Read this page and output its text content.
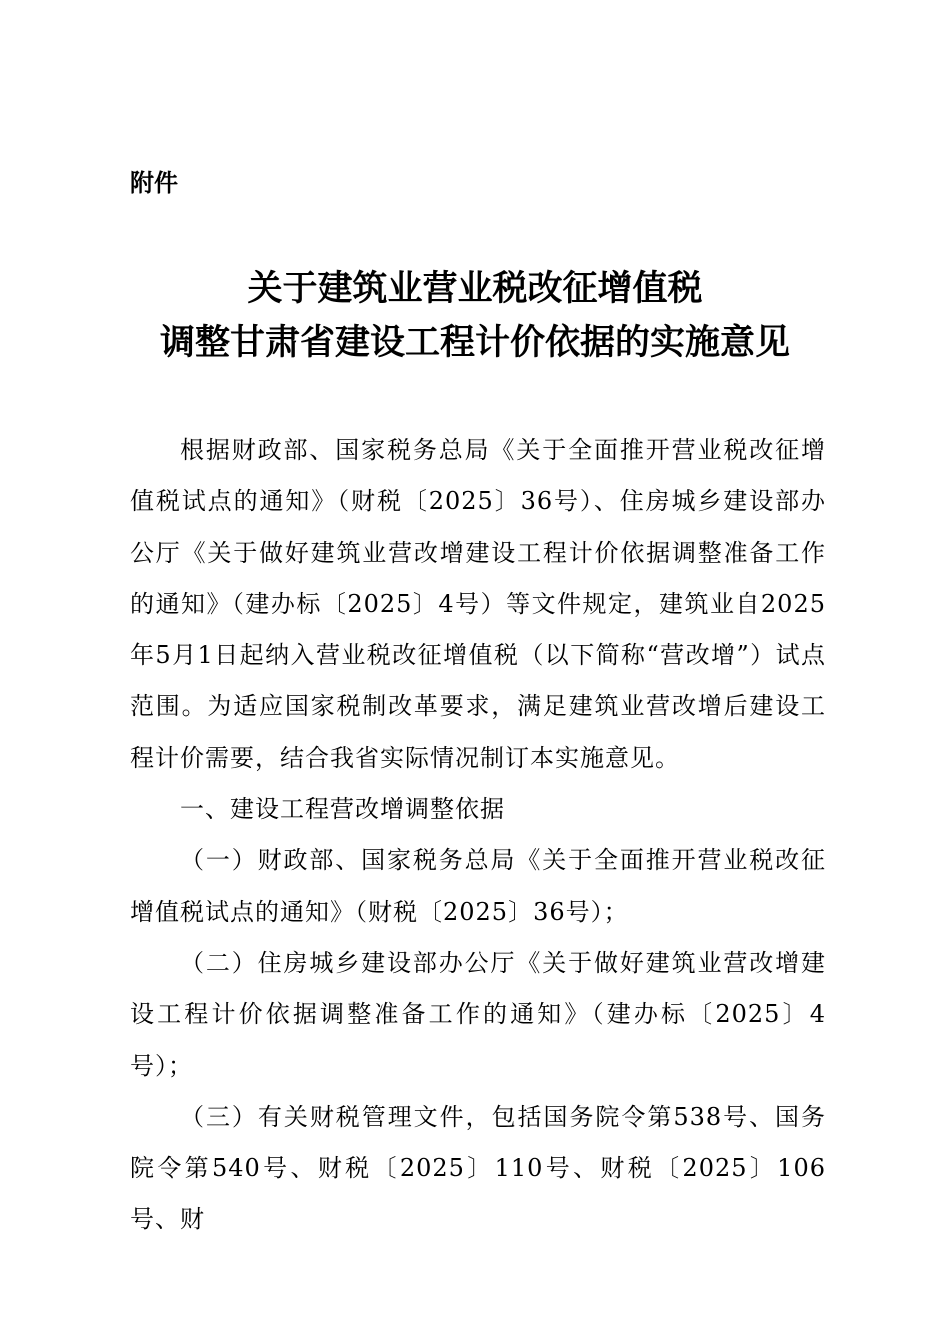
附件
关于建筑业营业税改征增值税
调整甘肃省建设工程计价依据的实施意见

根据财政部、国家税务总局《关于全面推开营业税改征增值税试点的通知》（财税〔2025〕36号）、住房城乡建设部办公厅《关于做好建筑业营改增建设工程计价依据调整准备工作的通知》（建办标〔2025〕4号）等文件规定，建筑业自2025年5月1日起纳入营业税改征增值税（以下简称“营改增”）试点范围。为适应国家税制改革要求，满足建筑业营改增后建设工程计价需要，结合我省实际情况制订本实施意见。

一、建设工程营改增调整依据

（一）财政部、国家税务总局《关于全面推开营业税改征增值税试点的通知》（财税〔2025〕36号）；

（二）住房城乡建设部办公厅《关于做好建筑业营改增建设工程计价依据调整准备工作的通知》（建办标〔2025〕4号）；

（三）有关财税管理文件，包括国务院令第538号、国务院令第540号、财税〔2025〕110号、财税〔2025〕106号、财
